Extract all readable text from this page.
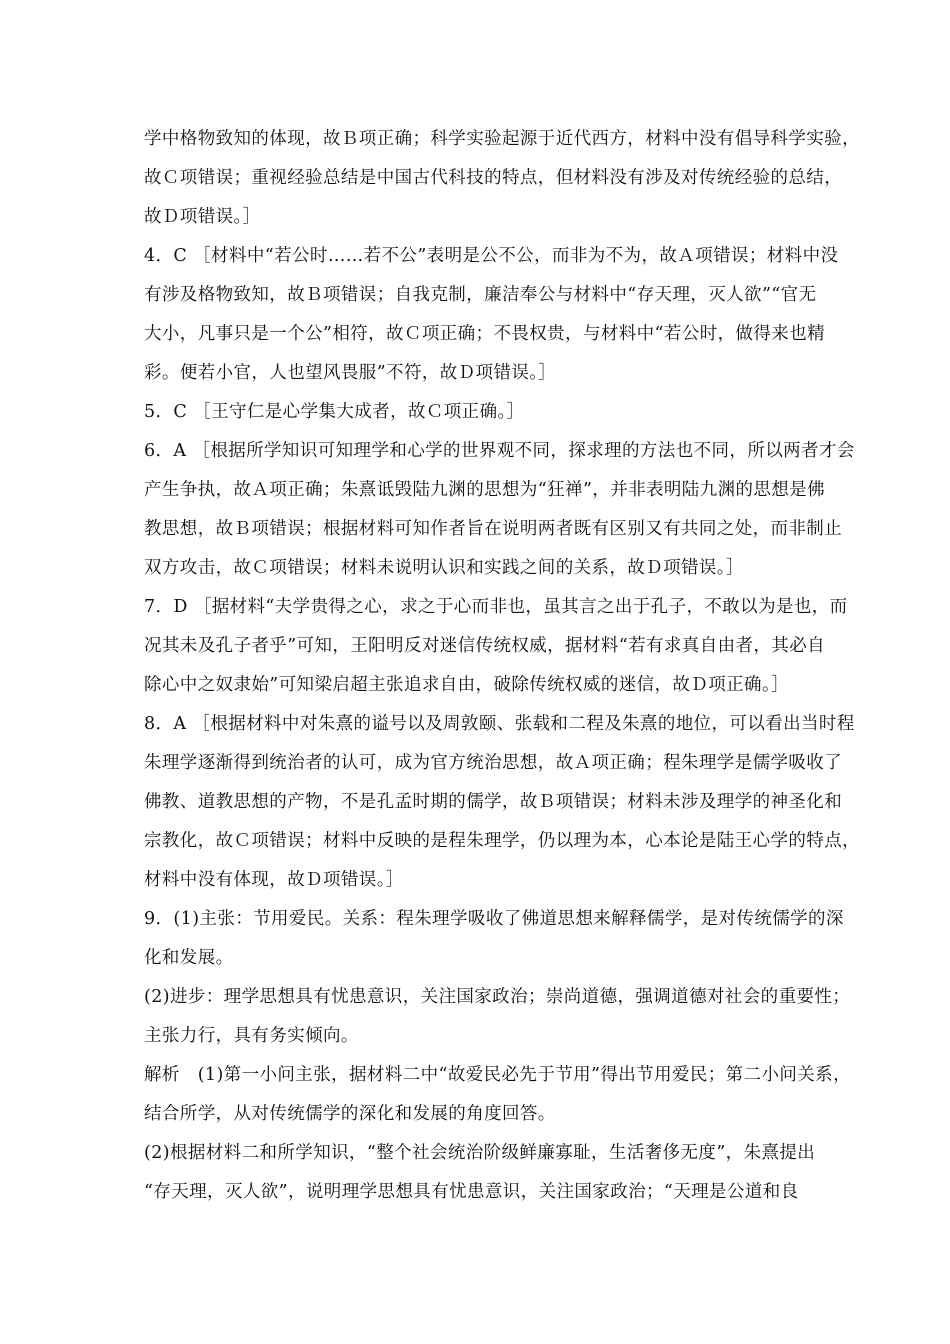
学中格物致知的体现，故Ｂ项正确；科学实验起源于近代西方，材料中没有倡导科学实验，
故Ｃ项错误；重视经验总结是中国古代科技的特点，但材料没有涉及对传统经验的总结，
故Ｄ项错误。］
4．C ［材料中“若公时……若不公”表明是公不公，而非为不为，故Ａ项错误；材料中没
有涉及格物致知，故Ｂ项错误；自我克制，廉洁奉公与材料中“存天理，灭人欲”“官无
大小，凡事只是一个公”相符，故Ｃ项正确；不畏权贵，与材料中“若公时，做得来也精
彩。便若小官，人也望风畏服”不符，故Ｄ项错误。］
5．C ［王守仁是心学集大成者，故Ｃ项正确。］
6．A ［根据所学知识可知理学和心学的世界观不同，探求理的方法也不同，所以两者才会
产生争执，故Ａ项正确；朱熹诋毁陆九渊的思想为“狂禅”，并非表明陆九渊的思想是佛
教思想，故Ｂ项错误；根据材料可知作者旨在说明两者既有区别又有共同之处，而非制止
双方攻击，故Ｃ项错误；材料未说明认识和实践之间的关系，故Ｄ项错误。］
7．D ［据材料“夫学贵得之心，求之于心而非也，虽其言之出于孔子，不敢以为是也，而
况其未及孔子者乎”可知，王阳明反对迷信传统权威，据材料“若有求真自由者，其必自
除心中之奴隶始”可知梁启超主张追求自由，破除传统权威的迷信，故Ｄ项正确。］
8．A ［根据材料中对朱熹的谥号以及周敦颐、张载和二程及朱熹的地位，可以看出当时程
朱理学逐渐得到统治者的认可，成为官方统治思想，故Ａ项正确；程朱理学是儒学吸收了
佛教、道教思想的产物，不是孔孟时期的儒学，故Ｂ项错误；材料未涉及理学的神圣化和
宗教化，故Ｃ项错误；材料中反映的是程朱理学，仍以理为本，心本论是陆王心学的特点，
材料中没有体现，故Ｄ项错误。］
9．(1)主张：节用爱民。关系：程朱理学吸收了佛道思想来解释儒学，是对传统儒学的深
化和发展。
(2)进步：理学思想具有忧患意识，关注国家政治；崇尚道德，强调道德对社会的重要性；
主张力行，具有务实倾向。
解析　(1)第一小问主张，据材料二中“故爱民必先于节用”得出节用爱民；第二小问关系，
结合所学，从对传统儒学的深化和发展的角度回答。
(2)根据材料二和所学知识，“整个社会统治阶级鲜廉寡耻，生活奢侈无度”，朱熹提出
“存天理，灭人欲”，说明理学思想具有忧患意识，关注国家政治；“天理是公道和良
